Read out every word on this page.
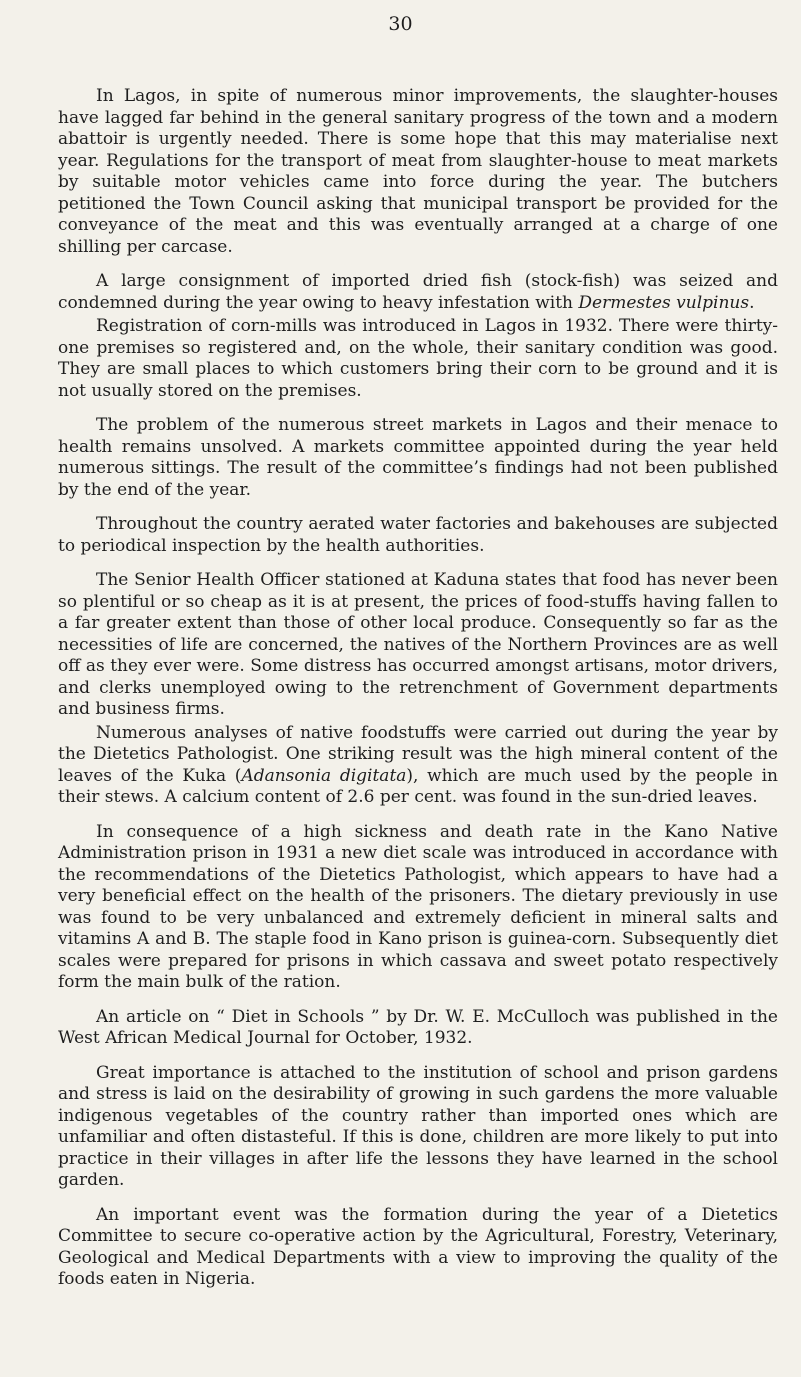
30

In Lagos, in spite of numerous minor improvements, the slaughter-houses have lagged far behind in the general sanitary progress of the town and a modern abattoir is urgently needed. There is some hope that this may materialise next year. Regulations for the transport of meat from slaughter-house to meat markets by suitable motor vehicles came into force during the year. The butchers petitioned the Town Council asking that municipal transport be provided for the conveyance of the meat and this was eventually arranged at a charge of one shilling per carcase.

A large consignment of imported dried fish (stock-fish) was seized and condemned during the year owing to heavy infestation with Dermestes vulpinus.

Registration of corn-mills was introduced in Lagos in 1932. There were thirty-one premises so registered and, on the whole, their sanitary condition was good. They are small places to which customers bring their corn to be ground and it is not usually stored on the premises.

The problem of the numerous street markets in Lagos and their menace to health remains unsolved. A markets committee appointed during the year held numerous sittings. The result of the committee’s findings had not been published by the end of the year.

Throughout the country aerated water factories and bakehouses are subjected to periodical inspection by the health authorities.

The Senior Health Officer stationed at Kaduna states that food has never been so plentiful or so cheap as it is at present, the prices of food-stuffs having fallen to a far greater extent than those of other local produce. Consequently so far as the necessities of life are concerned, the natives of the Northern Provinces are as well off as they ever were. Some distress has occurred amongst artisans, motor drivers, and clerks unemployed owing to the retrenchment of Government departments and business firms.

Numerous analyses of native foodstuffs were carried out during the year by the Dietetics Pathologist. One striking result was the high mineral content of the leaves of the Kuka (Adansonia digitata), which are much used by the people in their stews. A calcium content of 2.6 per cent. was found in the sun-dried leaves.

In consequence of a high sickness and death rate in the Kano Native Administration prison in 1931 a new diet scale was introduced in accordance with the recommendations of the Dietetics Pathologist, which appears to have had a very beneficial effect on the health of the prisoners. The dietary previously in use was found to be very unbalanced and extremely deficient in mineral salts and vitamins A and B. The staple food in Kano prison is guinea-corn. Subsequently diet scales were prepared for prisons in which cassava and sweet potato respectively form the main bulk of the ration.

An article on “ Diet in Schools ” by Dr. W. E. McCulloch was published in the West African Medical Journal for October, 1932.

Great importance is attached to the institution of school and prison gardens and stress is laid on the desirability of growing in such gardens the more valuable indigenous vegetables of the country rather than imported ones which are unfamiliar and often distasteful. If this is done, children are more likely to put into practice in their villages in after life the lessons they have learned in the school garden.

An important event was the formation during the year of a Dietetics Committee to secure co-operative action by the Agricultural, Forestry, Veterinary, Geological and Medical Departments with a view to improving the quality of the foods eaten in Nigeria.
